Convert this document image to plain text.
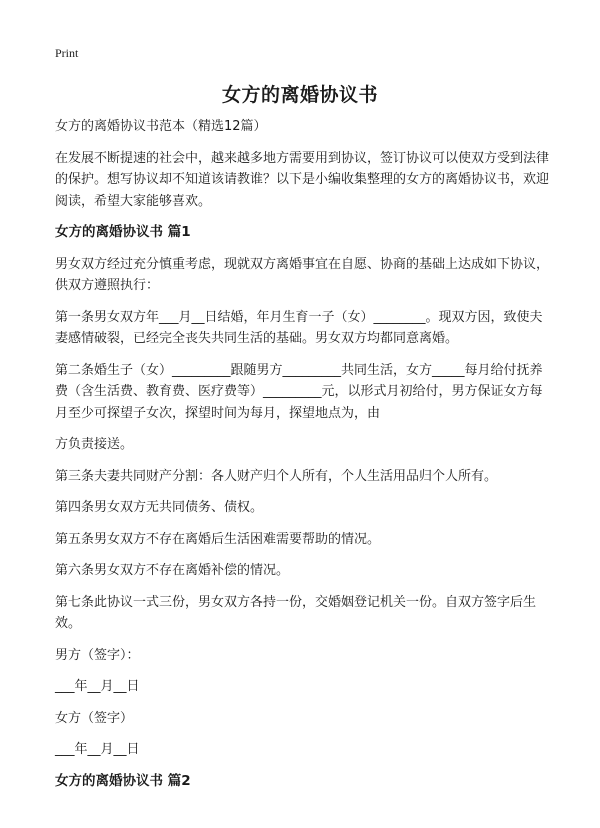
Print
女方的离婚协议书

女方的离婚协议书范本（精选12篇）

在发展不断提速的社会中，越来越多地方需要用到协议，签订协议可以使双方受到法律的保护。想写协议却不知道该请教谁？以下是小编收集整理的女方的离婚协议书，欢迎阅读，希望大家能够喜欢。

女方的离婚协议书 篇1

男女双方经过充分慎重考虑，现就双方离婚事宜在自愿、协商的基础上达成如下协议，供双方遵照执行：

第一条男女双方年___月__日结婚，年月生育一子（女）________。现双方因，致使夫妻感情破裂，已经完全丧失共同生活的基础。男女双方均都同意离婚。

第二条婚生子（女）_________跟随男方_________共同生活，女方_____每月给付抚养费（含生活费、教育费、医疗费等）_________元，以形式月初给付，男方保证女方每月至少可探望子女次，探望时间为每月，探望地点为，由

方负责接送。

第三条夫妻共同财产分割：各人财产归个人所有，个人生活用品归个人所有。

第四条男女双方无共同债务、债权。

第五条男女双方不存在离婚后生活困难需要帮助的情况。

第六条男女双方不存在离婚补偿的情况。

第七条此协议一式三份，男女双方各持一份，交婚姻登记机关一份。自双方签字后生效。

男方（签字）：

___年__月__日

女方（签字）

___年__月__日

女方的离婚协议书 篇2
